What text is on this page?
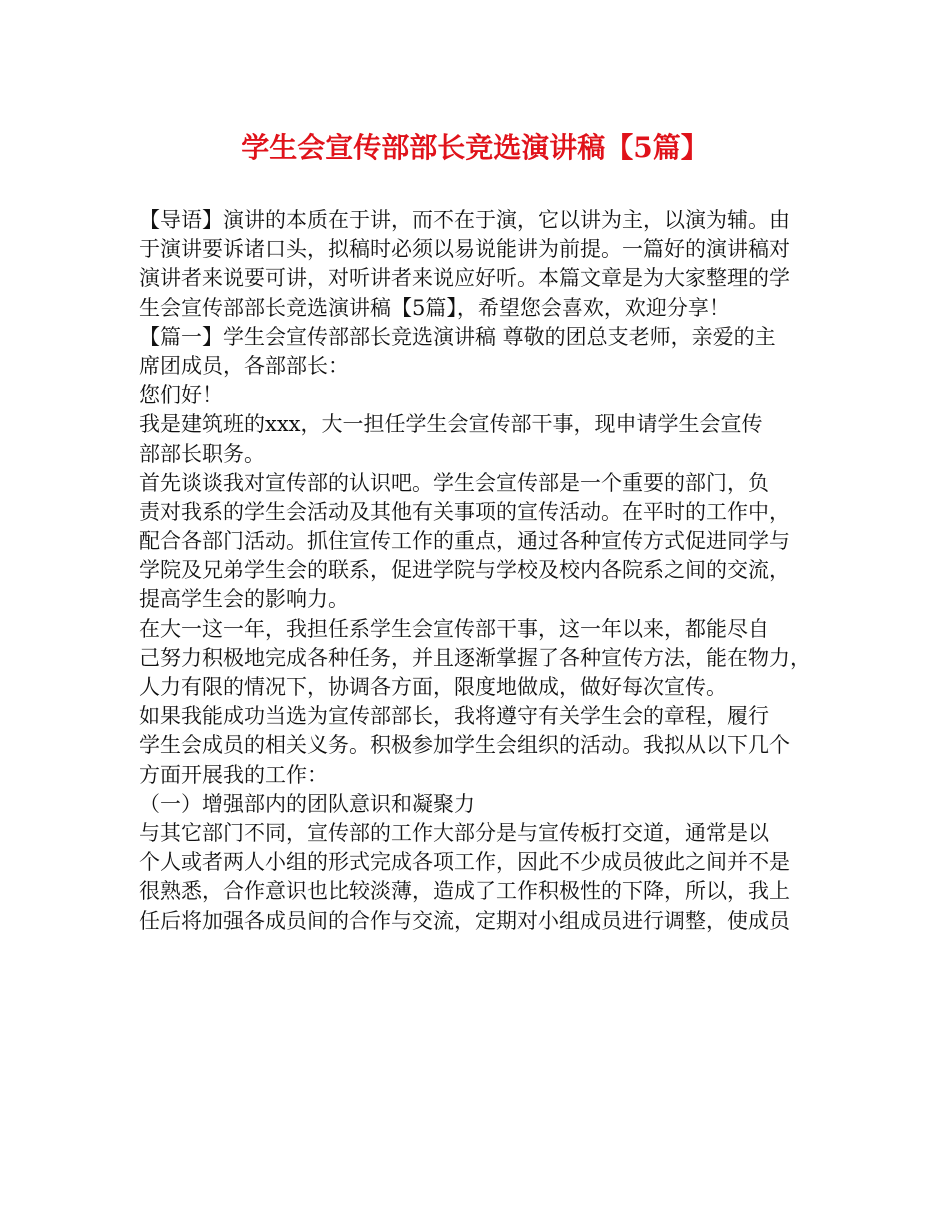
学生会宣传部部长竞选演讲稿【5篇】
【导语】演讲的本质在于讲，而不在于演，它以讲为主，以演为辅。由
于演讲要诉诸口头，拟稿时必须以易说能讲为前提。一篇好的演讲稿对
演讲者来说要可讲，对听讲者来说应好听。本篇文章是为大家整理的学
生会宣传部部长竞选演讲稿【5篇】，希望您会喜欢，欢迎分享！
【篇一】学生会宣传部部长竞选演讲稿 尊敬的团总支老师，亲爱的主
席团成员，各部部长：
您们好！
我是建筑班的xxx，大一担任学生会宣传部干事，现申请学生会宣传
部部长职务。
首先谈谈我对宣传部的认识吧。学生会宣传部是一个重要的部门，负
责对我系的学生会活动及其他有关事项的宣传活动。在平时的工作中，
配合各部门活动。抓住宣传工作的重点，通过各种宣传方式促进同学与
学院及兄弟学生会的联系，促进学院与学校及校内各院系之间的交流，
提高学生会的影响力。
在大一这一年，我担任系学生会宣传部干事，这一年以来，都能尽自
己努力积极地完成各种任务，并且逐渐掌握了各种宣传方法，能在物力，
人力有限的情况下，协调各方面，限度地做成，做好每次宣传。
如果我能成功当选为宣传部部长，我将遵守有关学生会的章程，履行
学生会成员的相关义务。积极参加学生会组织的活动。我拟从以下几个
方面开展我的工作：
（一）增强部内的团队意识和凝聚力
与其它部门不同，宣传部的工作大部分是与宣传板打交道，通常是以
个人或者两人小组的形式完成各项工作，因此不少成员彼此之间并不是
很熟悉，合作意识也比较淡薄，造成了工作积极性的下降，所以，我上
任后将加强各成员间的合作与交流，定期对小组成员进行调整，使成员
